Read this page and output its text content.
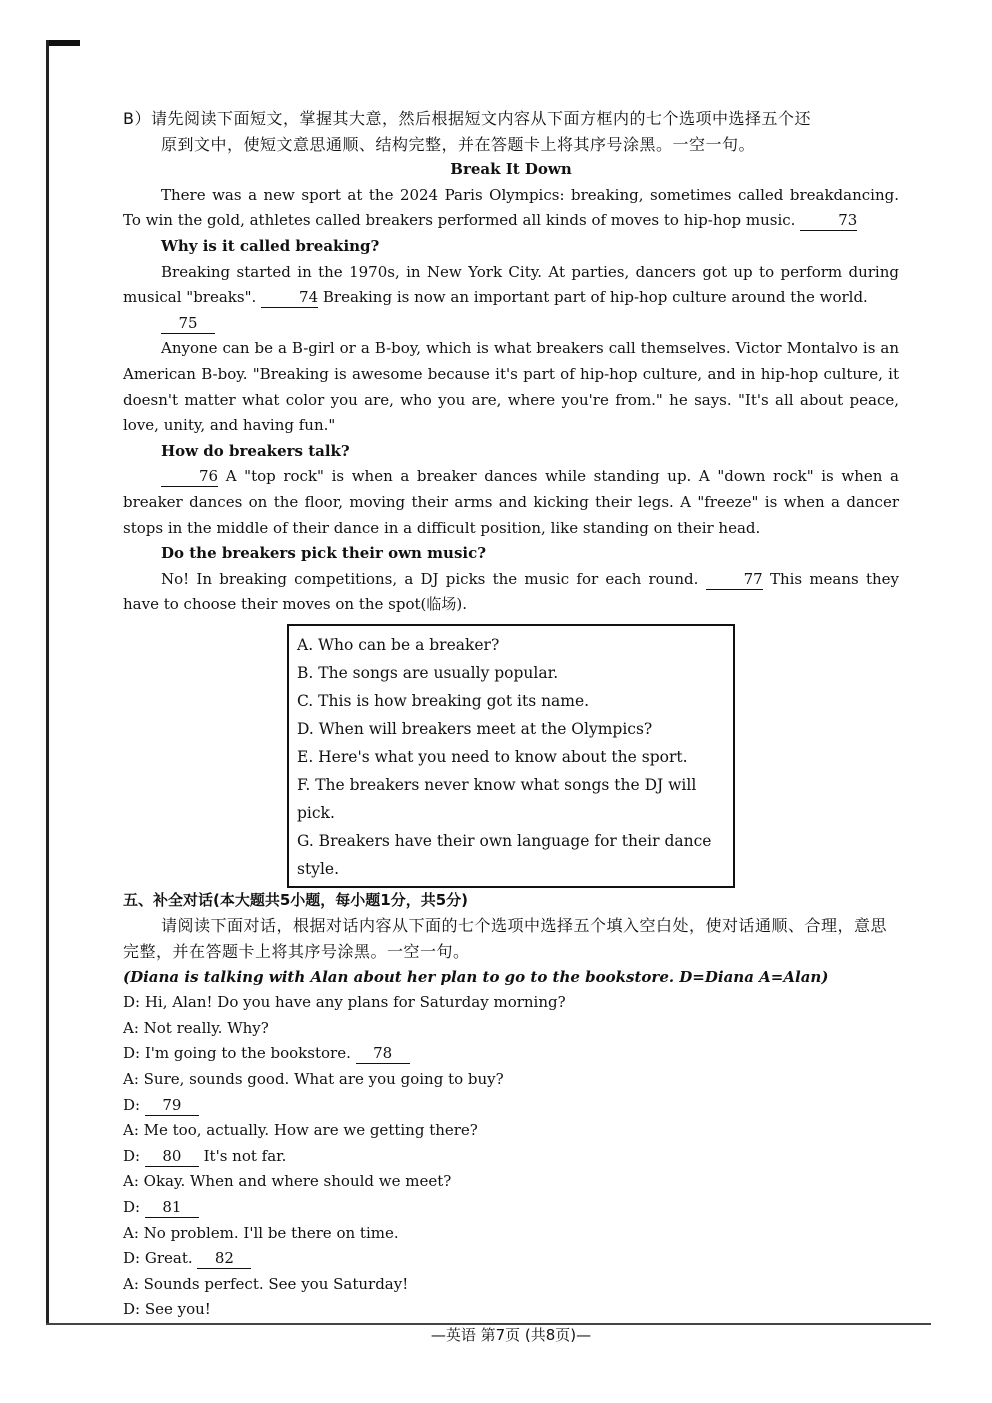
B）请先阅读下面短文，掌握其大意，然后根据短文内容从下面方框内的七个选项中选择五个还

原到文中，使短文意思通顺、结构完整，并在答题卡上将其序号涂黑。一空一句。

Break It Down

There was a new sport at the 2024 Paris Olympics: breaking, sometimes called breakdancing. To win the gold, athletes called breakers performed all kinds of moves to hip-hop music.	73

Why is it called breaking?

Breaking started in the 1970s, in New York City. At parties, dancers got up to perform during musical "breaks".	74 Breaking is now an important part of hip-hop culture around the world.

75

Anyone can be a B-girl or a B-boy, which is what breakers call themselves. Victor Montalvo is an American B-boy. "Breaking is awesome because it's part of hip-hop culture, and in hip-hop culture, it doesn't matter what color you are, who you are, where you're from." he says. "It's all about peace, love, unity, and having fun."

How do breakers talk?

76 A "top rock" is when a breaker dances while standing up. A "down rock" is when a breaker dances on the floor, moving their arms and kicking their legs. A "freeze" is when a dancer stops in the middle of their dance in a difficult position, like standing on their head.

Do the breakers pick their own music?

No! In breaking competitions, a DJ picks the music for each round.	77 This means they have to choose their moves on the spot(临场).

A. Who can be a breaker?
B. The songs are usually popular.
C. This is how breaking got its name.
D. When will breakers meet at the Olympics?
E. Here's what you need to know about the sport.
F. The breakers never know what songs the DJ will pick.
G. Breakers have their own language for their dance style.

五、补全对话(本大题共5小题，每小题1分，共5分)

请阅读下面对话，根据对话内容从下面的七个选项中选择五个填入空白处，使对话通顺、合理，意思完整，并在答题卡上将其序号涂黑。一空一句。

(Diana is talking with Alan about her plan to go to the bookstore. D=Diana A=Alan)

D: Hi, Alan! Do you have any plans for Saturday morning?

A: Not really. Why?

D: I'm going to the bookstore. 78

A: Sure, sounds good. What are you going to buy?

D: 79

A: Me too, actually. How are we getting there?

D: 80 It's not far.

A: Okay. When and where should we meet?

D: 81

A: No problem. I'll be there on time.

D: Great. 82

A: Sounds perfect. See you Saturday!

D: See you!

—英语 第7页 (共8页)—
